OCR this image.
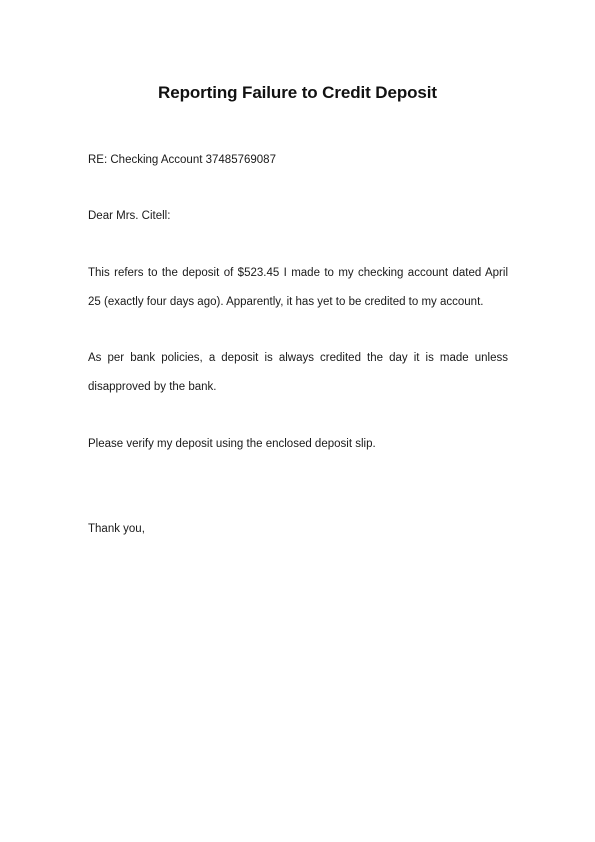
Reporting Failure to Credit Deposit

RE: Checking Account 37485769087

Dear Mrs. Citell:

This refers to the deposit of $523.45 I made to my checking account dated April

25 (exactly four days ago). Apparently, it has yet to be credited to my account.

As per bank policies, a deposit is always credited the day it is made unless

disapproved by the bank.

Please verify my deposit using the enclosed deposit slip.

Thank you,
